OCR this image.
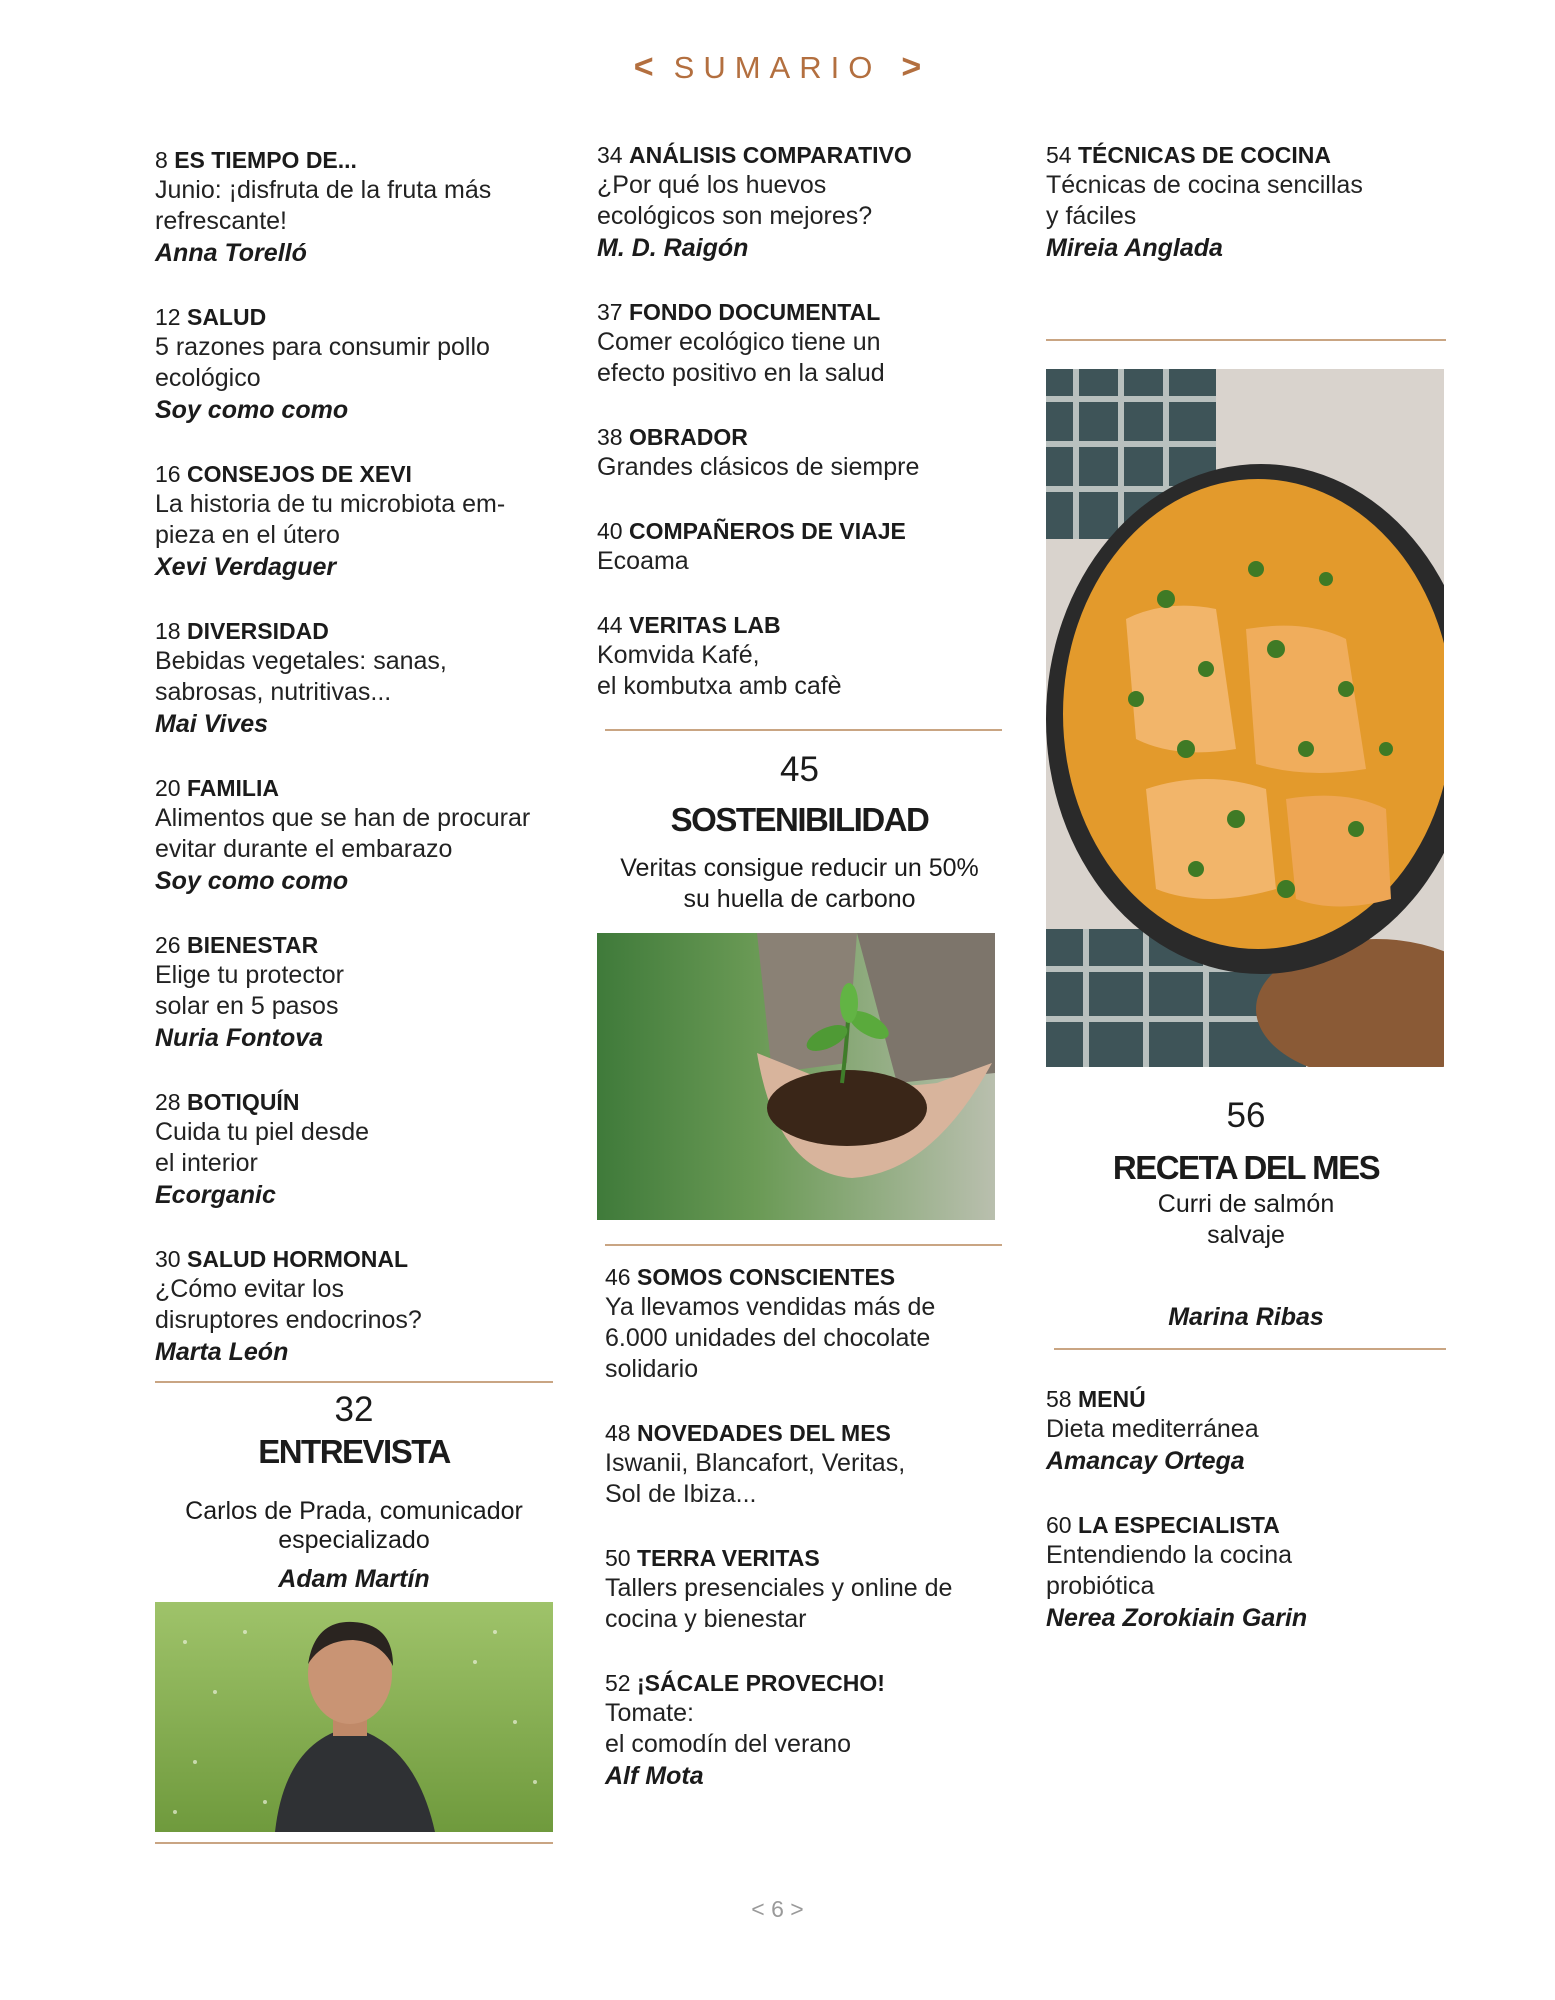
< SUMARIO >
8 ES TIEMPO DE...
Junio: ¡disfruta de la fruta más
refrescante!
Anna Torelló
12 SALUD
5 razones para consumir pollo
ecológico
Soy como como
16 CONSEJOS DE XEVI
La historia de tu microbiota em-
pieza en el útero
Xevi Verdaguer
18 DIVERSIDAD
Bebidas vegetales: sanas,
sabrosas, nutritivas...
Mai Vives
20 FAMILIA
Alimentos que se han de procurar
evitar durante el embarazo
Soy como como
26 BIENESTAR
Elige tu protector
solar en 5 pasos
Nuria Fontova
28 BOTIQUÍN
Cuida tu piel desde
el interior
Ecorganic
30 SALUD HORMONAL
¿Cómo evitar los
disruptores endocrinos?
Marta León
32
ENTREVISTA
Carlos de Prada, comunicador
especializado
Adam Martín
34 ANÁLISIS COMPARATIVO
¿Por qué los huevos
ecológicos son mejores?
M. D. Raigón
37 FONDO DOCUMENTAL
Comer ecológico tiene un
efecto positivo en la salud
38 OBRADOR
Grandes clásicos de siempre
40 COMPAÑEROS DE VIAJE
Ecoama
44 VERITAS LAB
Komvida Kafé,
el kombutxa amb cafè
45
SOSTENIBILIDAD
Veritas consigue reducir un 50%
su huella de carbono
46 SOMOS CONSCIENTES
Ya llevamos vendidas más de
6.000 unidades del chocolate
solidario
48 NOVEDADES DEL MES
Iswanii, Blancafort, Veritas,
Sol de Ibiza...
50 TERRA VERITAS
Tallers presenciales y online de
cocina y bienestar
52 ¡SÁCALE PROVECHO!
Tomate:
el comodín del verano
Alf Mota
54 TÉCNICAS DE COCINA
Técnicas de cocina sencillas
y fáciles
Mireia Anglada
56
RECETA DEL MES
Curri de salmón
salvaje
Marina Ribas
58 MENÚ
Dieta mediterránea
Amancay Ortega
60 LA ESPECIALISTA
Entendiendo la cocina
probiótica
Nerea Zorokiain Garin
< 6 >
